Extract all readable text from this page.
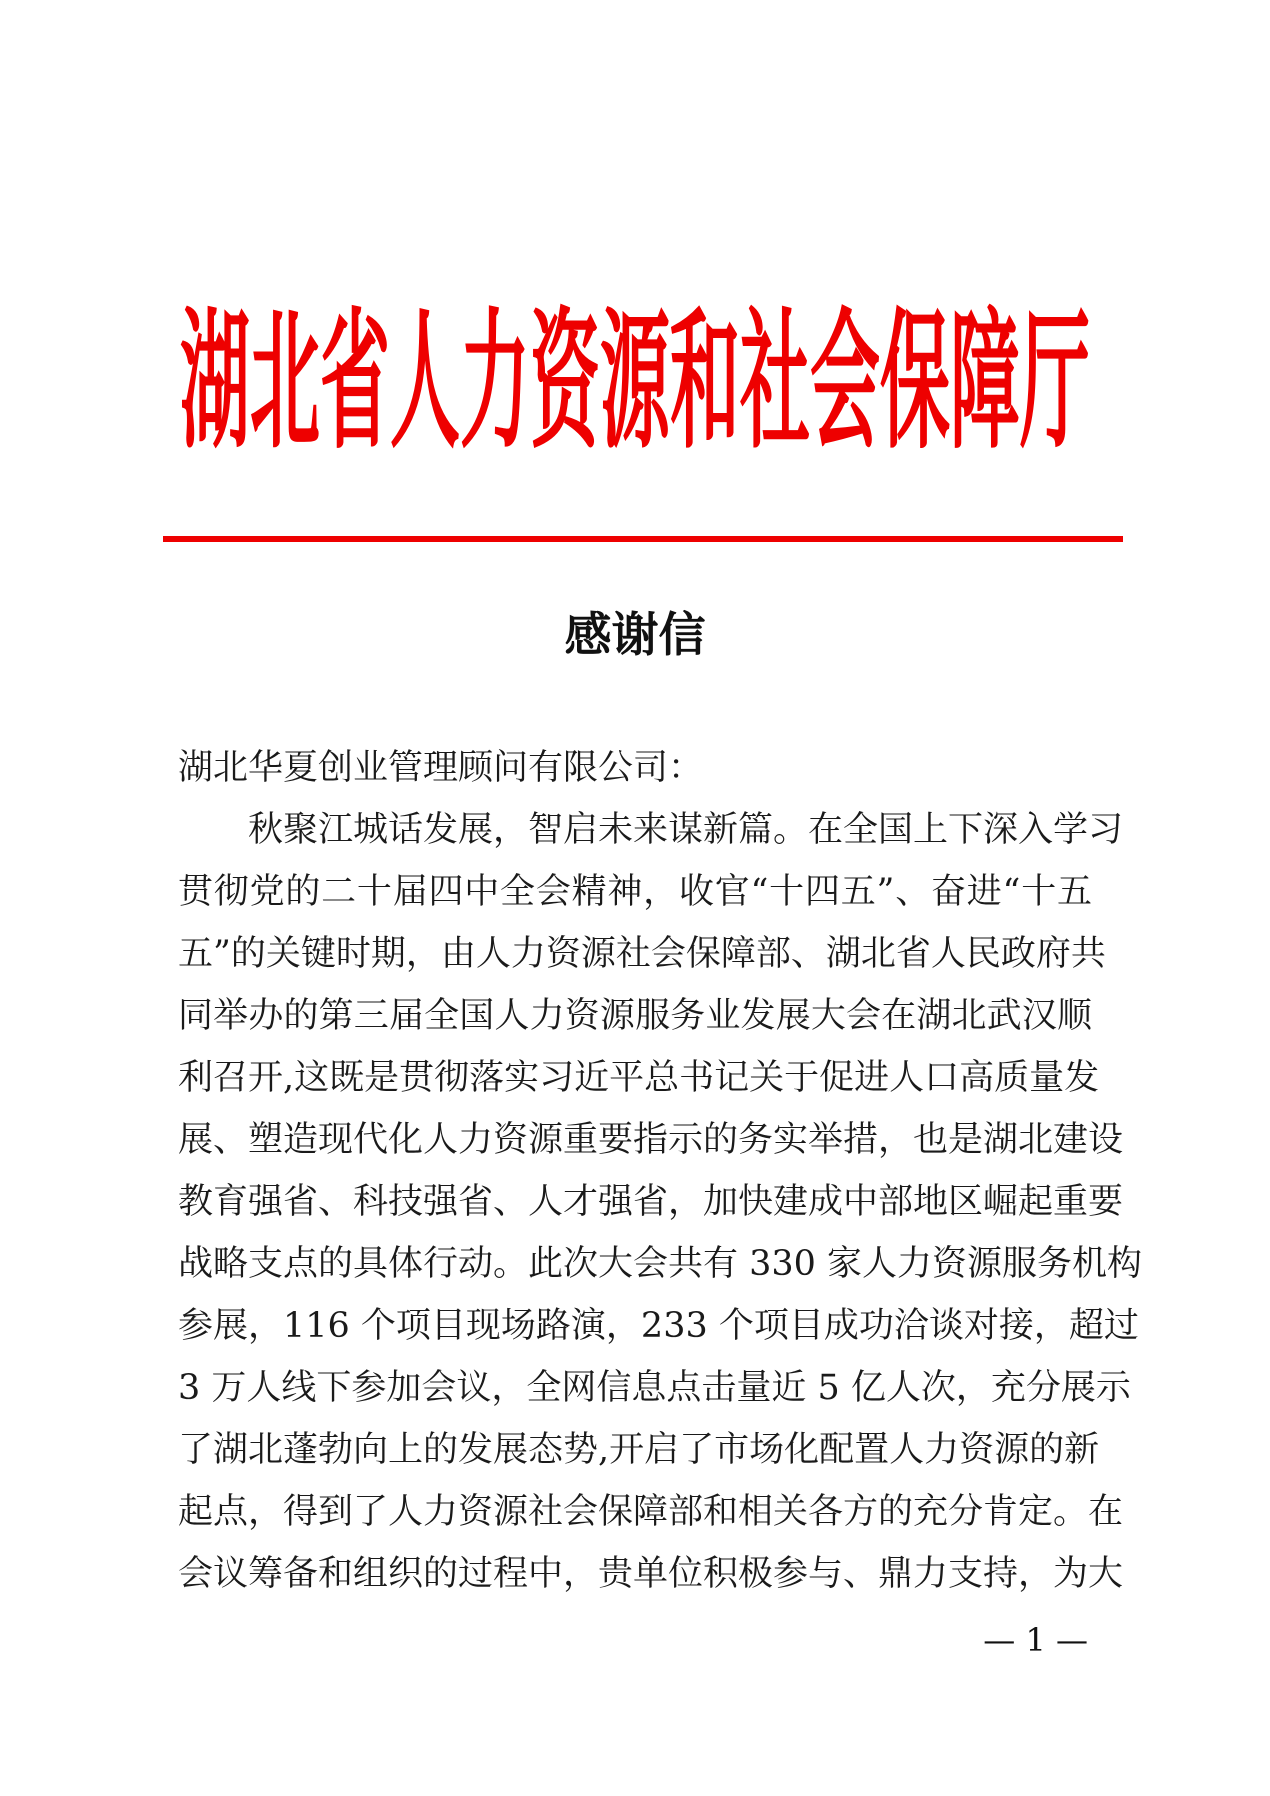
湖北省人力资源和社会保障厅
感谢信
湖北华夏创业管理顾问有限公司：
秋聚江城话发展，智启未来谋新篇。在全国上下深入学习
贯彻党的二十届四中全会精神，收官“十四五”、奋进“十五
五”的关键时期，由人力资源社会保障部、湖北省人民政府共
同举办的第三届全国人力资源服务业发展大会在湖北武汉顺
利召开,这既是贯彻落实习近平总书记关于促进人口高质量发
展、塑造现代化人力资源重要指示的务实举措，也是湖北建设
教育强省、科技强省、人才强省，加快建成中部地区崛起重要
战略支点的具体行动。此次大会共有 330 家人力资源服务机构
参展，116 个项目现场路演，233 个项目成功洽谈对接，超过
3 万人线下参加会议，全网信息点击量近 5 亿人次，充分展示
了湖北蓬勃向上的发展态势,开启了市场化配置人力资源的新
起点，得到了人力资源社会保障部和相关各方的充分肯定。在
会议筹备和组织的过程中，贵单位积极参与、鼎力支持，为大
— 1 —
